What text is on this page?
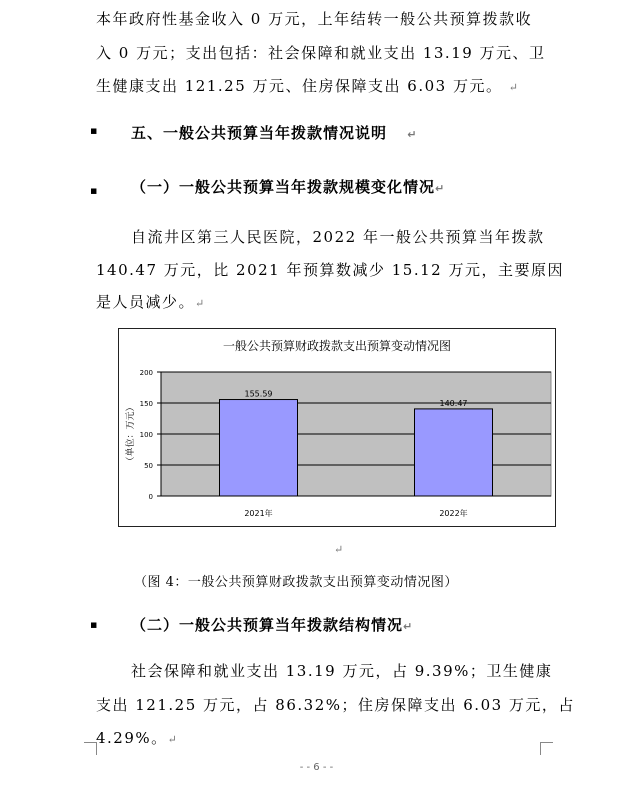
本年政府性基金收入 0 万元，上年结转一般公共预算拨款收
入 0 万元；支出包括：社会保障和就业支出 13.19 万元、卫
生健康支出 121.25 万元、住房保障支出 6.03 万元。 ↵
▪ 五、一般公共预算当年拨款情况说明 ↵
▪ （一）一般公共预算当年拨款规模变化情况↵
自流井区第三人民医院，2022 年一般公共预算当年拨款
140.47 万元，比 2021 年预算数减少 15.12 万元，主要原因
是人员减少。↵
一般公共预算财政拨款支出预算变动情况图
0
50
100
150
200
155.59
2021年
140.47
2022年
（单位：万元）
↵
（图 4：一般公共预算财政拨款支出预算变动情况图）
▪ （二）一般公共预算当年拨款结构情况↵
社会保障和就业支出 13.19 万元，占 9.39%；卫生健康
支出 121.25 万元，占 86.32%；住房保障支出 6.03 万元，占
4.29%。↵
- - 6 - -
